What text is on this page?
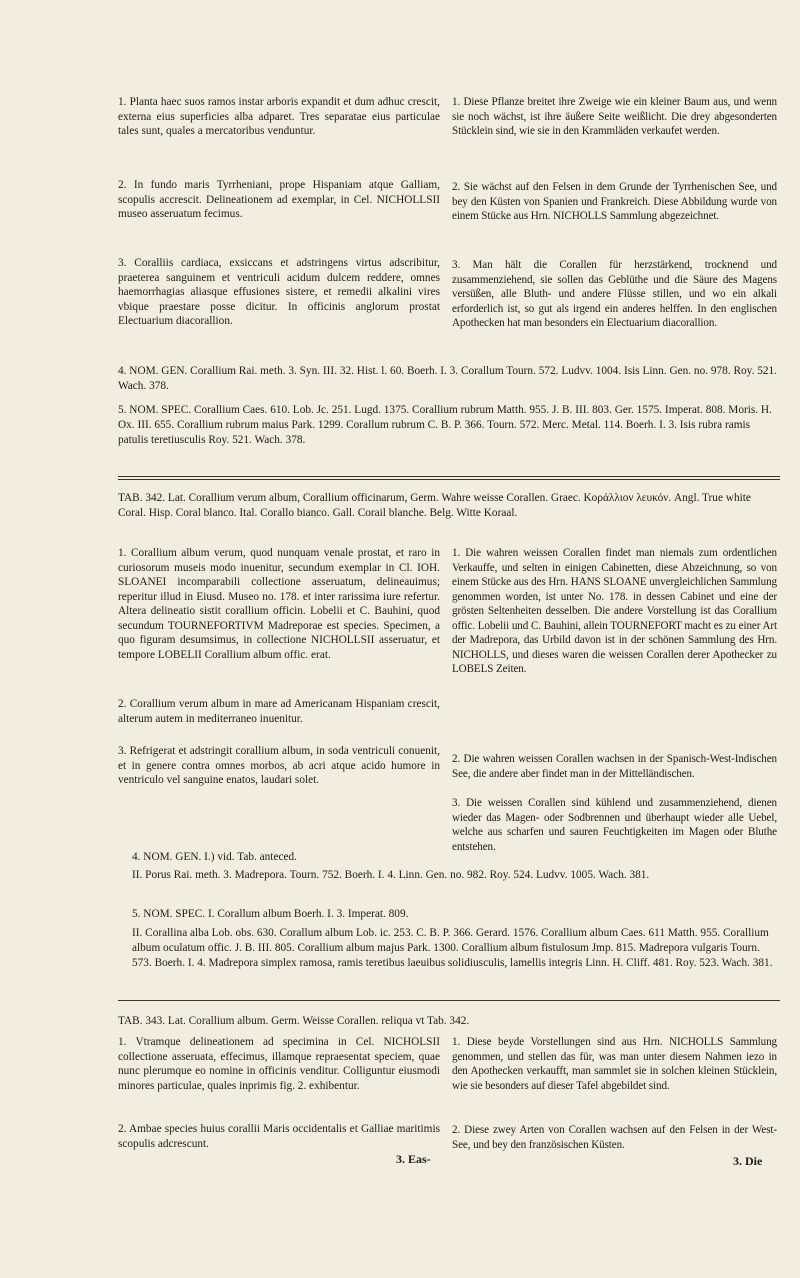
1. Planta haec suos ramos instar arboris expandit et dum adhuc crescit, externa eius superficies alba adparet. Tres separatae eius particulae tales sunt, quales a mercatoribus venduntur.

2. In fundo maris Tyrrheniani, prope Hispaniam atque Galliam, scopulis accrescit. Delineationem ad exemplar, in Cel. NICHOLLSII museo asseruatum fecimus.

3. Coralliis cardiaca, exsiccans et adstringens virtus adscribitur, praeterea sanguinem et ventriculi acidum dulcem reddere, omnes haemorrhagias aliasque effusiones sistere, et remedii alkalini vires vbique praestare posse dicitur. In officinis anglorum prostat Electuarium diacorallion.

1. Diese Pflanze breitet ihre Zweige wie ein kleiner Baum aus, und wenn sie noch wächst, ist ihre äußere Seite weißlicht. Die drey abgesonderten Stücklein sind, wie sie in den Krammläden verkaufet werden.

2. Sie wächst auf den Felsen in dem Grunde der Tyrrhenischen See, und bey den Küsten von Spanien und Frankreich. Diese Abbildung wurde von einem Stücke aus Hrn. NICHOLLS Sammlung abgezeichnet.

3. Man hält die Corallen für herzstärkend, trocknend und zusammenziehend, sie sollen das Geblüthe und die Säure des Magens versüßen, alle Bluth- und andere Flüsse stillen, und wo ein alkali erforderlich ist, so gut als irgend ein anderes helffen. In den englischen Apothecken hat man besonders ein Electuarium diacorallion.

4. NOM. GEN. Corallium Rai. meth. 3. Syn. III. 32. Hist. l. 60. Boerh. I. 3. Corallum Tourn. 572. Ludvv. 1004. Isis Linn. Gen. no. 978. Roy. 521. Wach. 378.

5. NOM. SPEC. Corallium Caes. 610. Lob. Jc. 251. Lugd. 1375. Corallium rubrum Matth. 955. J. B. III. 803. Ger. 1575. Imperat. 808. Moris. H. Ox. III. 655. Corallium rubrum maius Park. 1299. Corallum rubrum C. B. P. 366. Tourn. 572. Merc. Metal. 114. Boerh. I. 3. Isis rubra ramis patulis teretiusculis Roy. 521. Wach. 378.

TAB. 342. Lat. Corallium verum album, Corallium officinarum, Germ. Wahre weisse Corallen. Graec. Κοράλλιον λευκόν. Angl. True white Coral. Hisp. Coral blanco. Ital. Corallo bianco. Gall. Corail blanche. Belg. Witte Koraal.

1. Corallium album verum, quod nunquam venale prostat, et raro in curiosorum museis modo inuenitur, secundum exemplar in Cl. IOH. SLOANEI incomparabili collectione asseruatum, delineauimus; reperitur illud in Eiusd. Museo no. 178. et inter rarissima iure refertur. Altera delineatio sistit corallium officin. Lobelii et C. Bauhini, quod secundum TOURNEFORTIVM Madreporae est species. Specimen, a quo figuram desumsimus, in collectione NICHOLLSII asseruatur, et tempore LOBELII Corallium album offic. erat.

2. Corallium verum album in mare ad Americanam Hispaniam crescit, alterum autem in mediterraneo inuenitur.

3. Refrigerat et adstringit corallium album, in soda ventriculi conuenit, et in genere contra omnes morbos, ab acri atque acido humore in ventriculo vel sanguine enatos, laudari solet.

1. Die wahren weissen Corallen findet man niemals zum ordentlichen Verkauffe, und selten in einigen Cabinetten, diese Abzeichnung, so von einem Stücke aus des Hrn. HANS SLOANE unvergleichlichen Sammlung genommen worden, ist unter No. 178. in dessen Cabinet und eine der grösten Seltenheiten desselben. Die andere Vorstellung ist das Corallium offic. Lobelii und C. Bauhini, allein TOURNEFORT macht es zu einer Art der Madrepora, das Urbild davon ist in der schönen Sammlung des Hrn. NICHOLLS, und dieses waren die weissen Corallen derer Apothecker zu LOBELS Zeiten.

2. Die wahren weissen Corallen wachsen in der Spanisch-West-Indischen See, die andere aber findet man in der Mittelländischen.

3. Die weissen Corallen sind kühlend und zusammenziehend, dienen wieder das Magen- oder Sodbrennen und überhaupt wieder alle Uebel, welche aus scharfen und sauren Feuchtigkeiten im Magen oder Bluthe entstehen.

4. NOM. GEN. I.) vid. Tab. anteced.

II. Porus Rai. meth. 3. Madrepora. Tourn. 752. Boerh. I. 4. Linn. Gen. no. 982. Roy. 524. Ludvv. 1005. Wach. 381.

5. NOM. SPEC. I. Corallum album Boerh. I. 3. Imperat. 809.

II. Corallina alba Lob. obs. 630. Corallum album Lob. ic. 253. C. B. P. 366. Gerard. 1576. Corallium album Caes. 611 Matth. 955. Corallium album oculatum offic. J. B. III. 805. Corallium album majus Park. 1300. Corallium album fistulosum Jmp. 815. Madrepora vulgaris Tourn. 573. Boerh. I. 4. Madrepora simplex ramosa, ramis teretibus laeuibus solidiusculis, lamellis integris Linn. H. Cliff. 481. Roy. 523. Wach. 381.

TAB. 343. Lat. Corallium album. Germ. Weisse Corallen. reliqua vt Tab. 342.

1. Vtramque delineationem ad specimina in Cel. NICHOLSII collectione asseruata, effecimus, illamque repraesentat speciem, quae nunc plerumque eo nomine in officinis venditur. Colliguntur eiusmodi minores particulae, quales inprimis fig. 2. exhibentur.

2. Ambae species huius corallii Maris occidentalis et Galliae maritimis scopulis adcrescunt.

1. Diese beyde Vorstellungen sind aus Hrn. NICHOLLS Sammlung genommen, und stellen das für, was man unter diesem Nahmen iezo in den Apothecken verkaufft, man sammlet sie in solchen kleinen Stücklein, wie sie besonders auf dieser Tafel abgebildet sind.

2. Diese zwey Arten von Corallen wachsen auf den Felsen in der West-See, und bey den französischen Küsten.

3. Eas-	3. Die
